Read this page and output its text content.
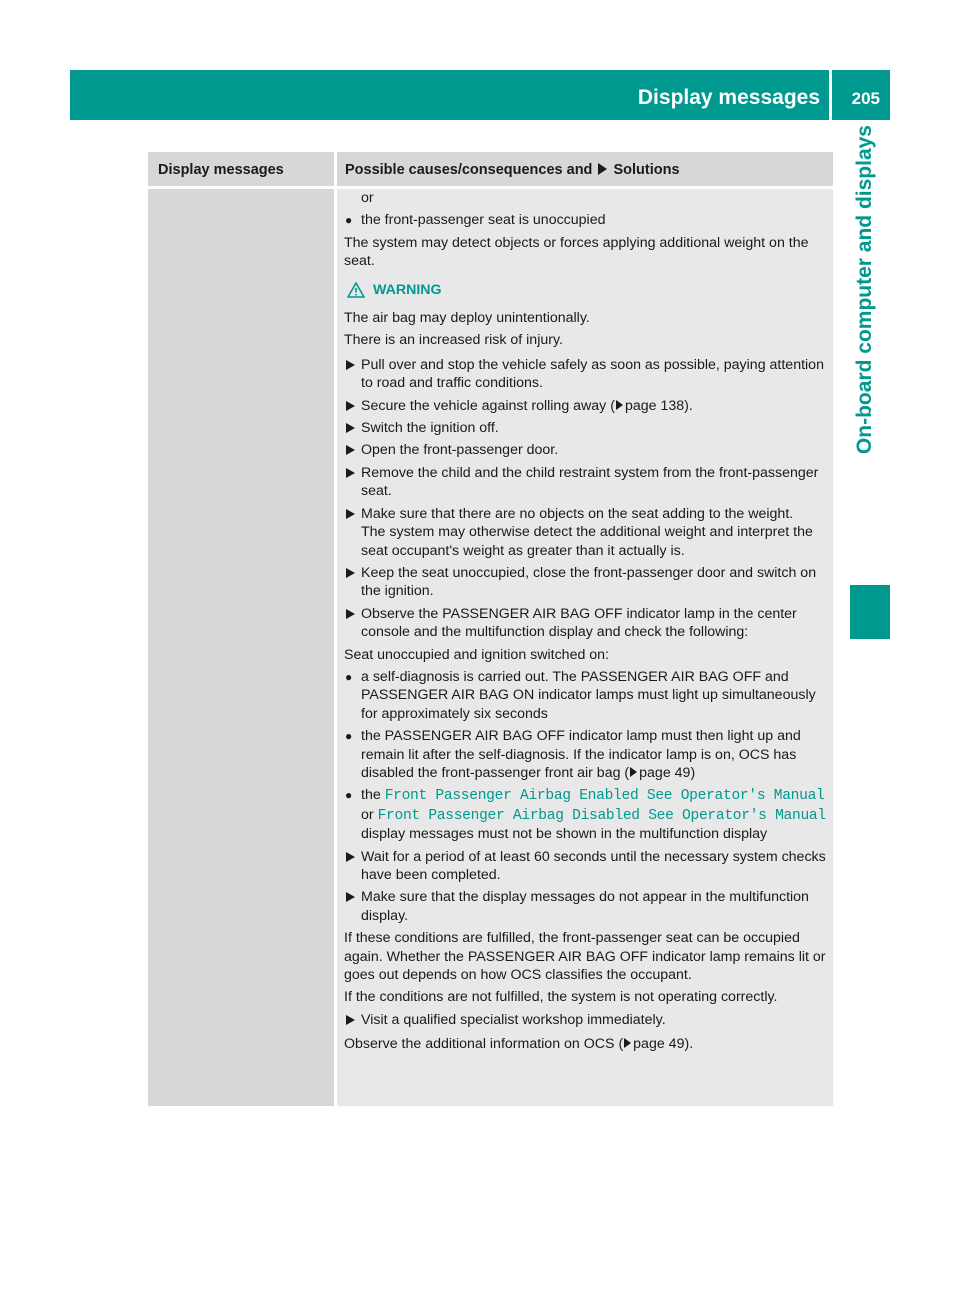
Display messages 205
On-board computer and displays
Display messages	Possible causes/consequences and Solutions

or

● the front-passenger seat is unoccupied

The system may detect objects or forces applying additional weight on the seat.

WARNING

The air bag may deploy unintentionally.

There is an increased risk of injury.

Pull over and stop the vehicle safely as soon as possible, paying attention to road and traffic conditions.
Secure the vehicle against rolling away ( page 138).
Switch the ignition off.
Open the front-passenger door.
Remove the child and the child restraint system from the front-passenger seat.
Make sure that there are no objects on the seat adding to the weight.
The system may otherwise detect the additional weight and interpret the seat occupant's weight as greater than it actually is.
Keep the seat unoccupied, close the front-passenger door and switch on the ignition.
Observe the PASSENGER AIR BAG OFF indicator lamp in the center console and the multifunction display and check the following:

Seat unoccupied and ignition switched on:

● a self-diagnosis is carried out. The PASSENGER AIR BAG OFF and PASSENGER AIR BAG ON indicator lamps must light up simultaneously for approximately six seconds
● the PASSENGER AIR BAG OFF indicator lamp must then light up and remain lit after the self-diagnosis. If the indicator lamp is on, OCS has disabled the front-passenger front air bag ( page 49)
● the Front Passenger Airbag Enabled See Operator's Manual or Front Passenger Airbag Disabled See Operator's Manual display messages must not be shown in the multifunction display
Wait for a period of at least 60 seconds until the necessary system checks have been completed.
Make sure that the display messages do not appear in the multifunction display.

If these conditions are fulfilled, the front-passenger seat can be occupied again. Whether the PASSENGER AIR BAG OFF indicator lamp remains lit or goes out depends on how OCS classifies the occupant.

If the conditions are not fulfilled, the system is not operating correctly.

Visit a qualified specialist workshop immediately.

Observe the additional information on OCS ( page 49).
